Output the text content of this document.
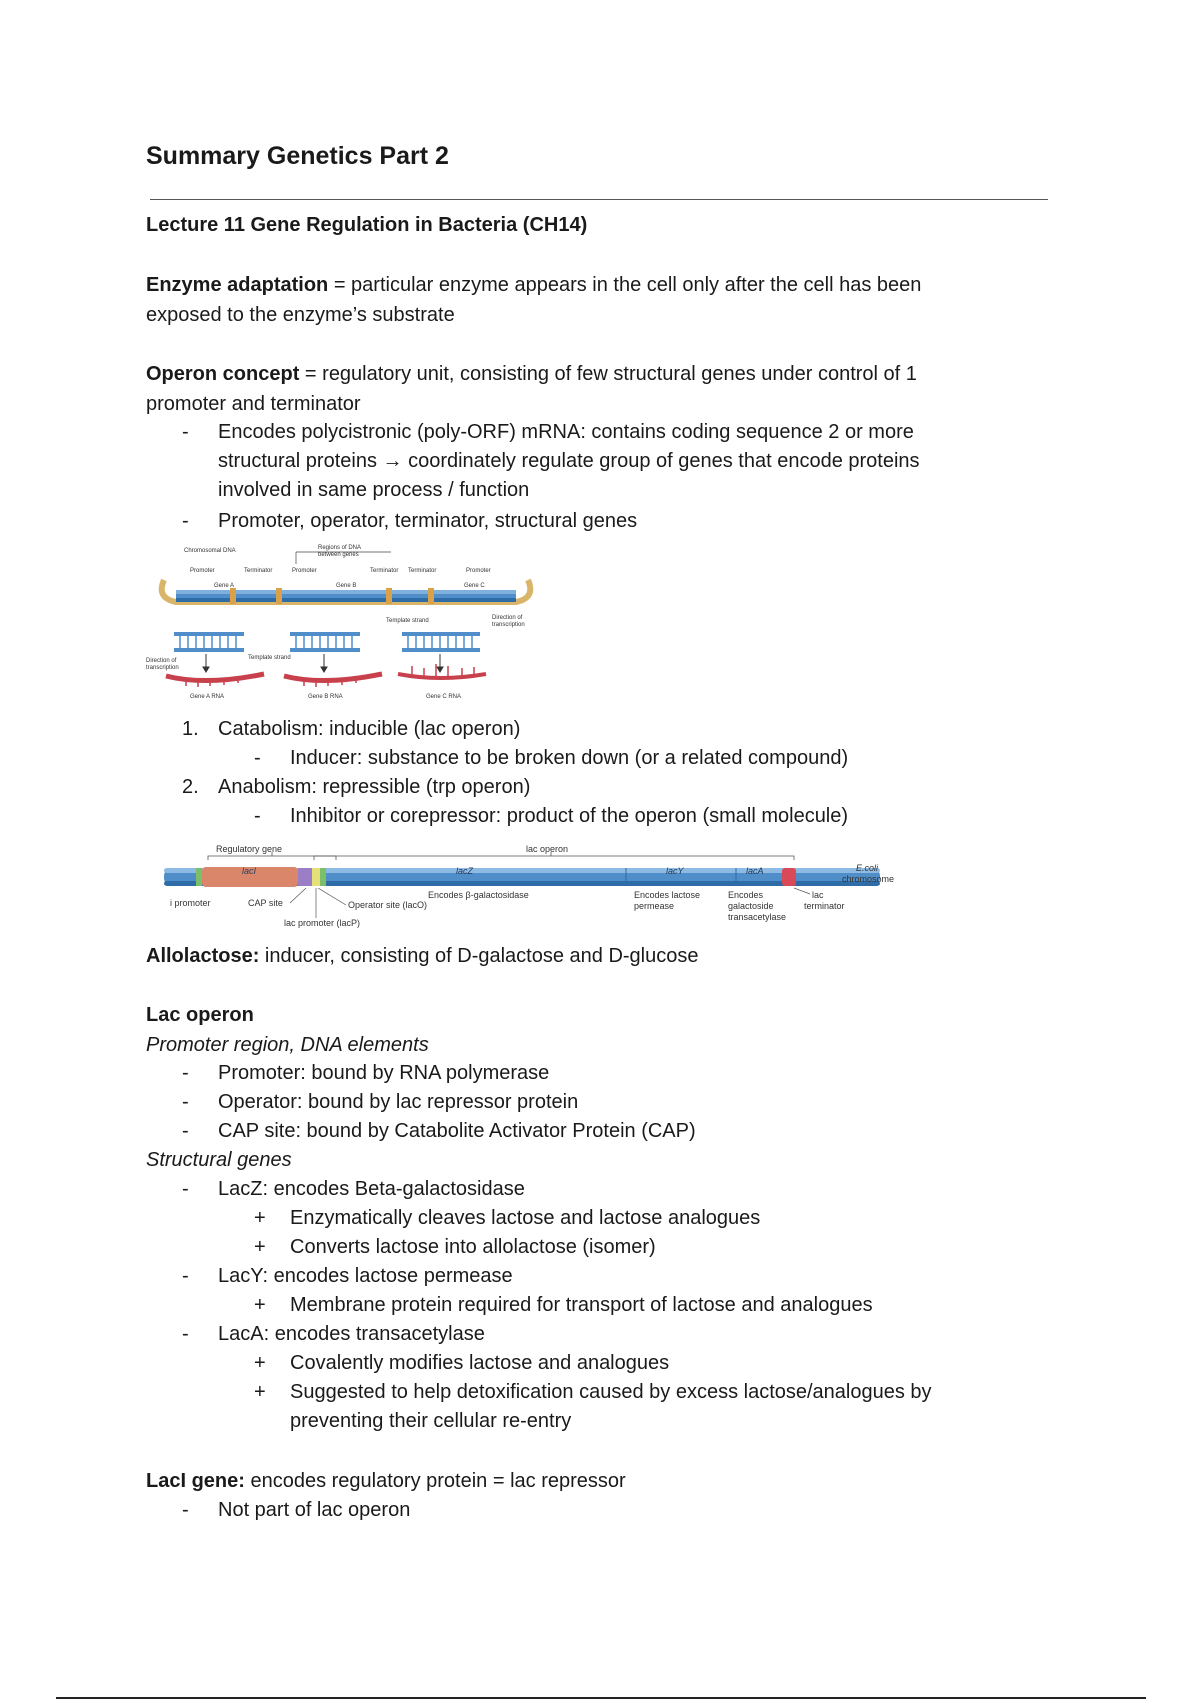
Summary Genetics Part 2
Lecture 11 Gene Regulation in Bacteria (CH14)
Enzyme adaptation = particular enzyme appears in the cell only after the cell has been
exposed to the enzyme’s substrate
Operon concept = regulatory unit, consisting of few structural genes under control of 1
promoter and terminator
- Encodes polycistronic (poly-ORF) mRNA: contains coding sequence 2 or more
structural proteins → coordinately regulate group of genes that encode proteins
involved in same process / function
- Promoter, operator, terminator, structural genes
Chromosomal DNA	Regions of DNA
between genes
Promoter	Terminator	Promoter	Terminator Terminator	Promoter
Gene A	Gene B	Gene C
Template strand	Direction of
transcription
Direction of
transcription
Template strand
Gene A RNA	Gene B RNA	Gene C RNA
1. Catabolism: inducible (lac operon)
- Inducer: substance to be broken down (or a related compound)
2. Anabolism: repressible (trp operon)
- Inhibitor or corepressor: product of the operon (small molecule)
Regulatory gene	lac operon
lacI	lacZ	lacY	lacA	E.coli
chromosome
i promoter	CAP site	Operator site (lacO)
lac promoter (lacP)
Encodes β-galactosidase	Encodes lactose
permease
Encodes
galactoside
transacetylase
lac
terminator
Allolactose: inducer, consisting of D-galactose and D-glucose
Lac operon
Promoter region, DNA elements
- Promoter: bound by RNA polymerase
- Operator: bound by lac repressor protein
- CAP site: bound by Catabolite Activator Protein (CAP)
Structural genes
- LacZ: encodes Beta-galactosidase
+ Enzymatically cleaves lactose and lactose analogues
+ Converts lactose into allolactose (isomer)
- LacY: encodes lactose permease
+ Membrane protein required for transport of lactose and analogues
- LacA: encodes transacetylase
+ Covalently modifies lactose and analogues
+ Suggested to help detoxification caused by excess lactose/analogues by
preventing their cellular re-entry
LacI gene: encodes regulatory protein = lac repressor
- Not part of lac operon
